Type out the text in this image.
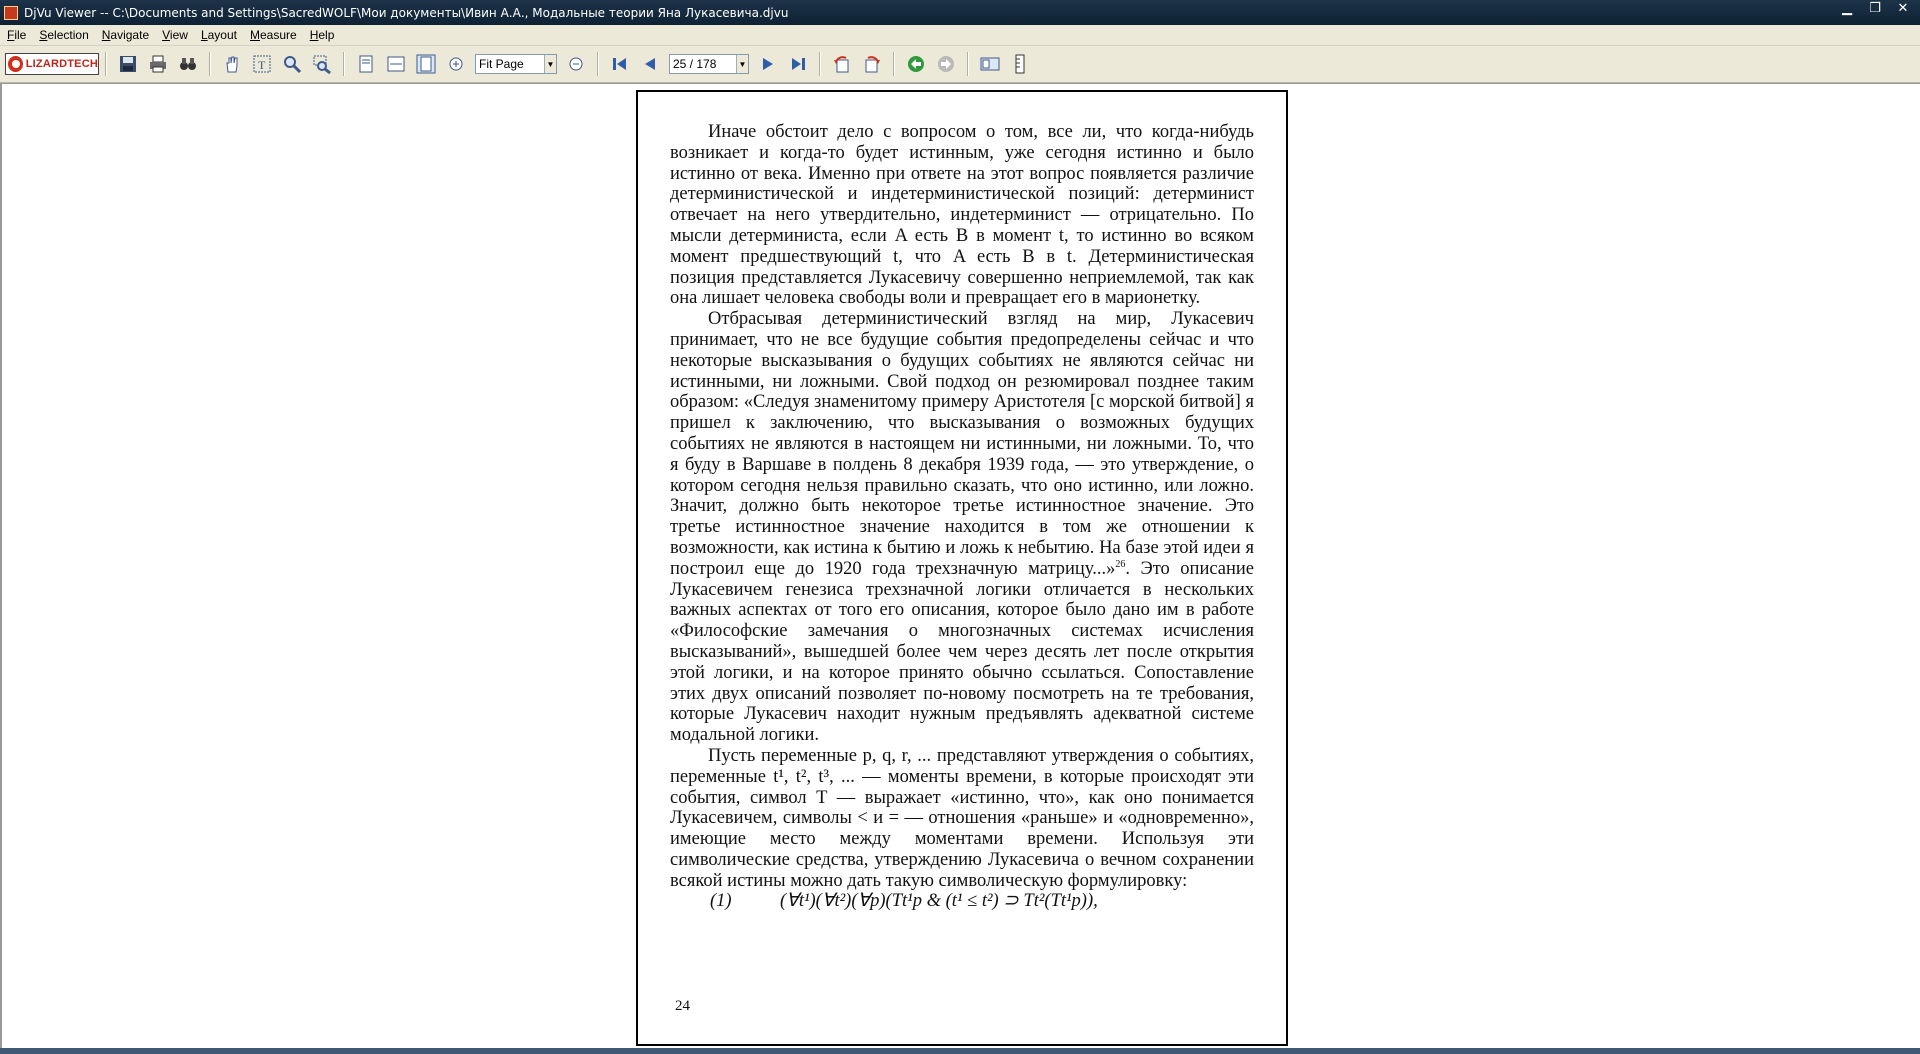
DjVu Viewer -- C:\Documents and Settings\SacredWOLF\Мои документы\Ивин А.А., Модальные теории Яна Лукасевича.djvu	▁	❐ ✕
File	Selection	Navigate	View	Layout	Measure	Help
LIZARDTECH	T
Fit Page	▼
25 / 178	▼

Иначе обстоит дело с вопросом о том, все ли, что когда-нибудь возникает и когда-то будет истинным, уже сегодня истинно и было истинно от века. Именно при ответе на этот вопрос появляется различие детерминистической и индетерминистической позиций: детерминист отвечает на него утвердительно, индетерминист — отрицательно. По мысли детерминиста, если A есть B в момент t, то истинно во всяком момент предшествующий t, что A есть B в t. Детерминистическая позиция представляется Лукасевичу совершенно неприемлемой, так как она лишает человека свободы воли и превращает его в марионетку.

Отбрасывая детерминистический взгляд на мир, Лукасевич принимает, что не все будущие события предопределены сейчас и что некоторые высказывания о будущих событиях не являются сейчас ни истинными, ни ложными. Свой подход он резюмировал позднее таким образом: «Следуя знаменитому примеру Аристотеля [с морской битвой] я пришел к заключению, что высказывания о возможных будущих событиях не являются в настоящем ни истинными, ни ложными. То, что я буду в Варшаве в полдень 8 декабря 1939 года, — это утверждение, о котором сегодня нельзя правильно сказать, что оно истинно, или ложно. Значит, должно быть некоторое третье истинностное значение. Это третье истинностное значение находится в том же отношении к возможности, как истина к бытию и ложь к небытию. На базе этой идеи я построил еще до 1920 года трехзначную матрицу...»$^{26}$. Это описание Лукасевичем генезиса трехзначной логики отличается в нескольких важных аспектах от того его описания, которое было дано им в работе «Философские замечания о многозначных системах исчисления высказываний», вышедшей более чем через десять лет после открытия этой логики, и на которое принято обычно ссылаться. Сопоставление этих двух описаний позволяет по-новому посмотреть на те требования, которые Лукасевич находит нужным предъявлять адекватной системе модальной логики.

Пусть переменные p, q, r, ... представляют утверждения о событиях, переменные t¹, t², t³, ... — моменты времени, в которые происходят эти события, символ T — выражает «истинно, что», как оно понимается Лукасевичем, символы < и = — отношения «раньше» и «одновременно», имеющие место между моментами времени. Используя эти символические средства, утверждению Лукасевича о вечном сохранении всякой истины можно дать такую символическую формулировку:

(1)	(∀t¹)(∀t²)(∀p)(Tt¹p & (t¹ ≤ t²) ⊃ Tt²(Tt¹p)),

24
